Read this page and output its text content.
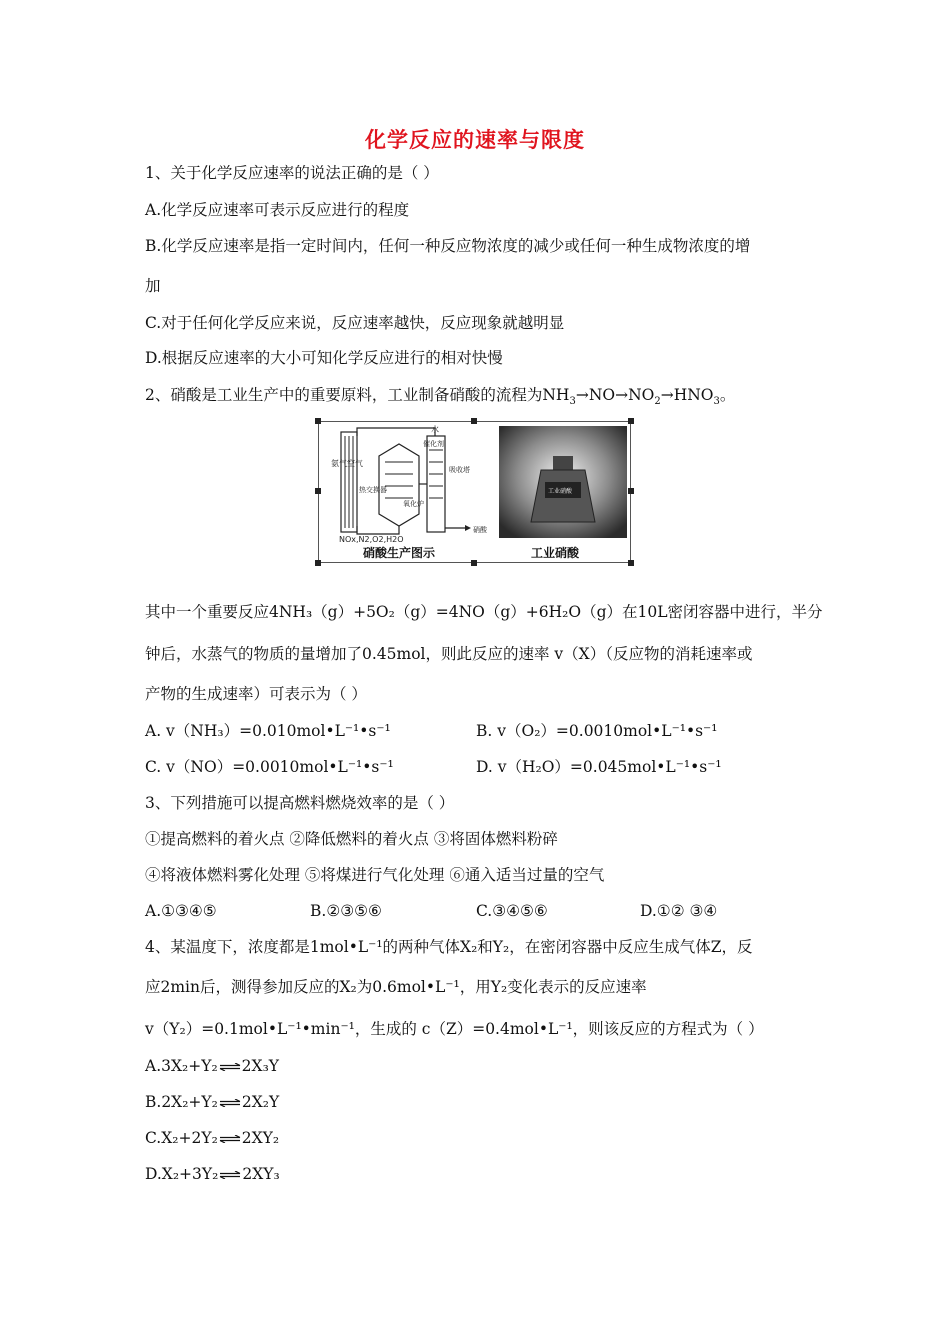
化学反应的速率与限度
1、关于化学反应速率的说法正确的是（ ）
A.化学反应速率可表示反应进行的程度
B.化学反应速率是指一定时间内，任何一种反应物浓度的减少或任何一种生成物浓度的增
加
C.对于任何化学反应来说，反应速率越快，反应现象就越明显
D.根据反应速率的大小可知化学反应进行的相对快慢
2、硝酸是工业生产中的重要原料，工业制备硝酸的流程为$NH_3\to NO\to NO_2\to HNO_3$。
氨气空气
水
催化剂
吸收塔
热交换器
氧化炉
NOx,N2,O2,H2O
硝酸
硝酸生产图示
工业硝酸
工业硝酸
其中一个重要反应4NH₃（g）+5O₂（g）=4NO（g）+6H₂O（g）在10L密闭容器中进行，半分
钟后，水蒸气的物质的量增加了0.45mol，则此反应的速率 v（X）（反应物的消耗速率或
产物的生成速率）可表示为（ ）
A. v（NH₃）=0.010mol•L⁻¹•s⁻¹	B. v（O₂）=0.0010mol•L⁻¹•s⁻¹
C. v（NO）=0.0010mol•L⁻¹•s⁻¹	D. v（H₂O）=0.045mol•L⁻¹•s⁻¹
3、下列措施可以提高燃料燃烧效率的是（ ）
①提高燃料的着火点 ②降低燃料的着火点 ③将固体燃料粉碎
④将液体燃料雾化处理 ⑤将煤进行气化处理 ⑥通入适当过量的空气
A.①③④⑤	B.②③⑤⑥	C.③④⑤⑥	D.①② ③④
4、某温度下，浓度都是1mol•L⁻¹的两种气体X₂和Y₂，在密闭容器中反应生成气体Z，反
应2min后，测得参加反应的X₂为0.6mol•L⁻¹，用Y₂变化表示的反应速率
v（Y₂）=0.1mol•L⁻¹•min⁻¹，生成的 c（Z）=0.4mol•L⁻¹，则该反应的方程式为（ ）
A.3X₂+Y₂⇌2X₃Y
B.2X₂+Y₂⇌2X₂Y
C.X₂+2Y₂⇌2XY₂
D.X₂+3Y₂⇌2XY₃
